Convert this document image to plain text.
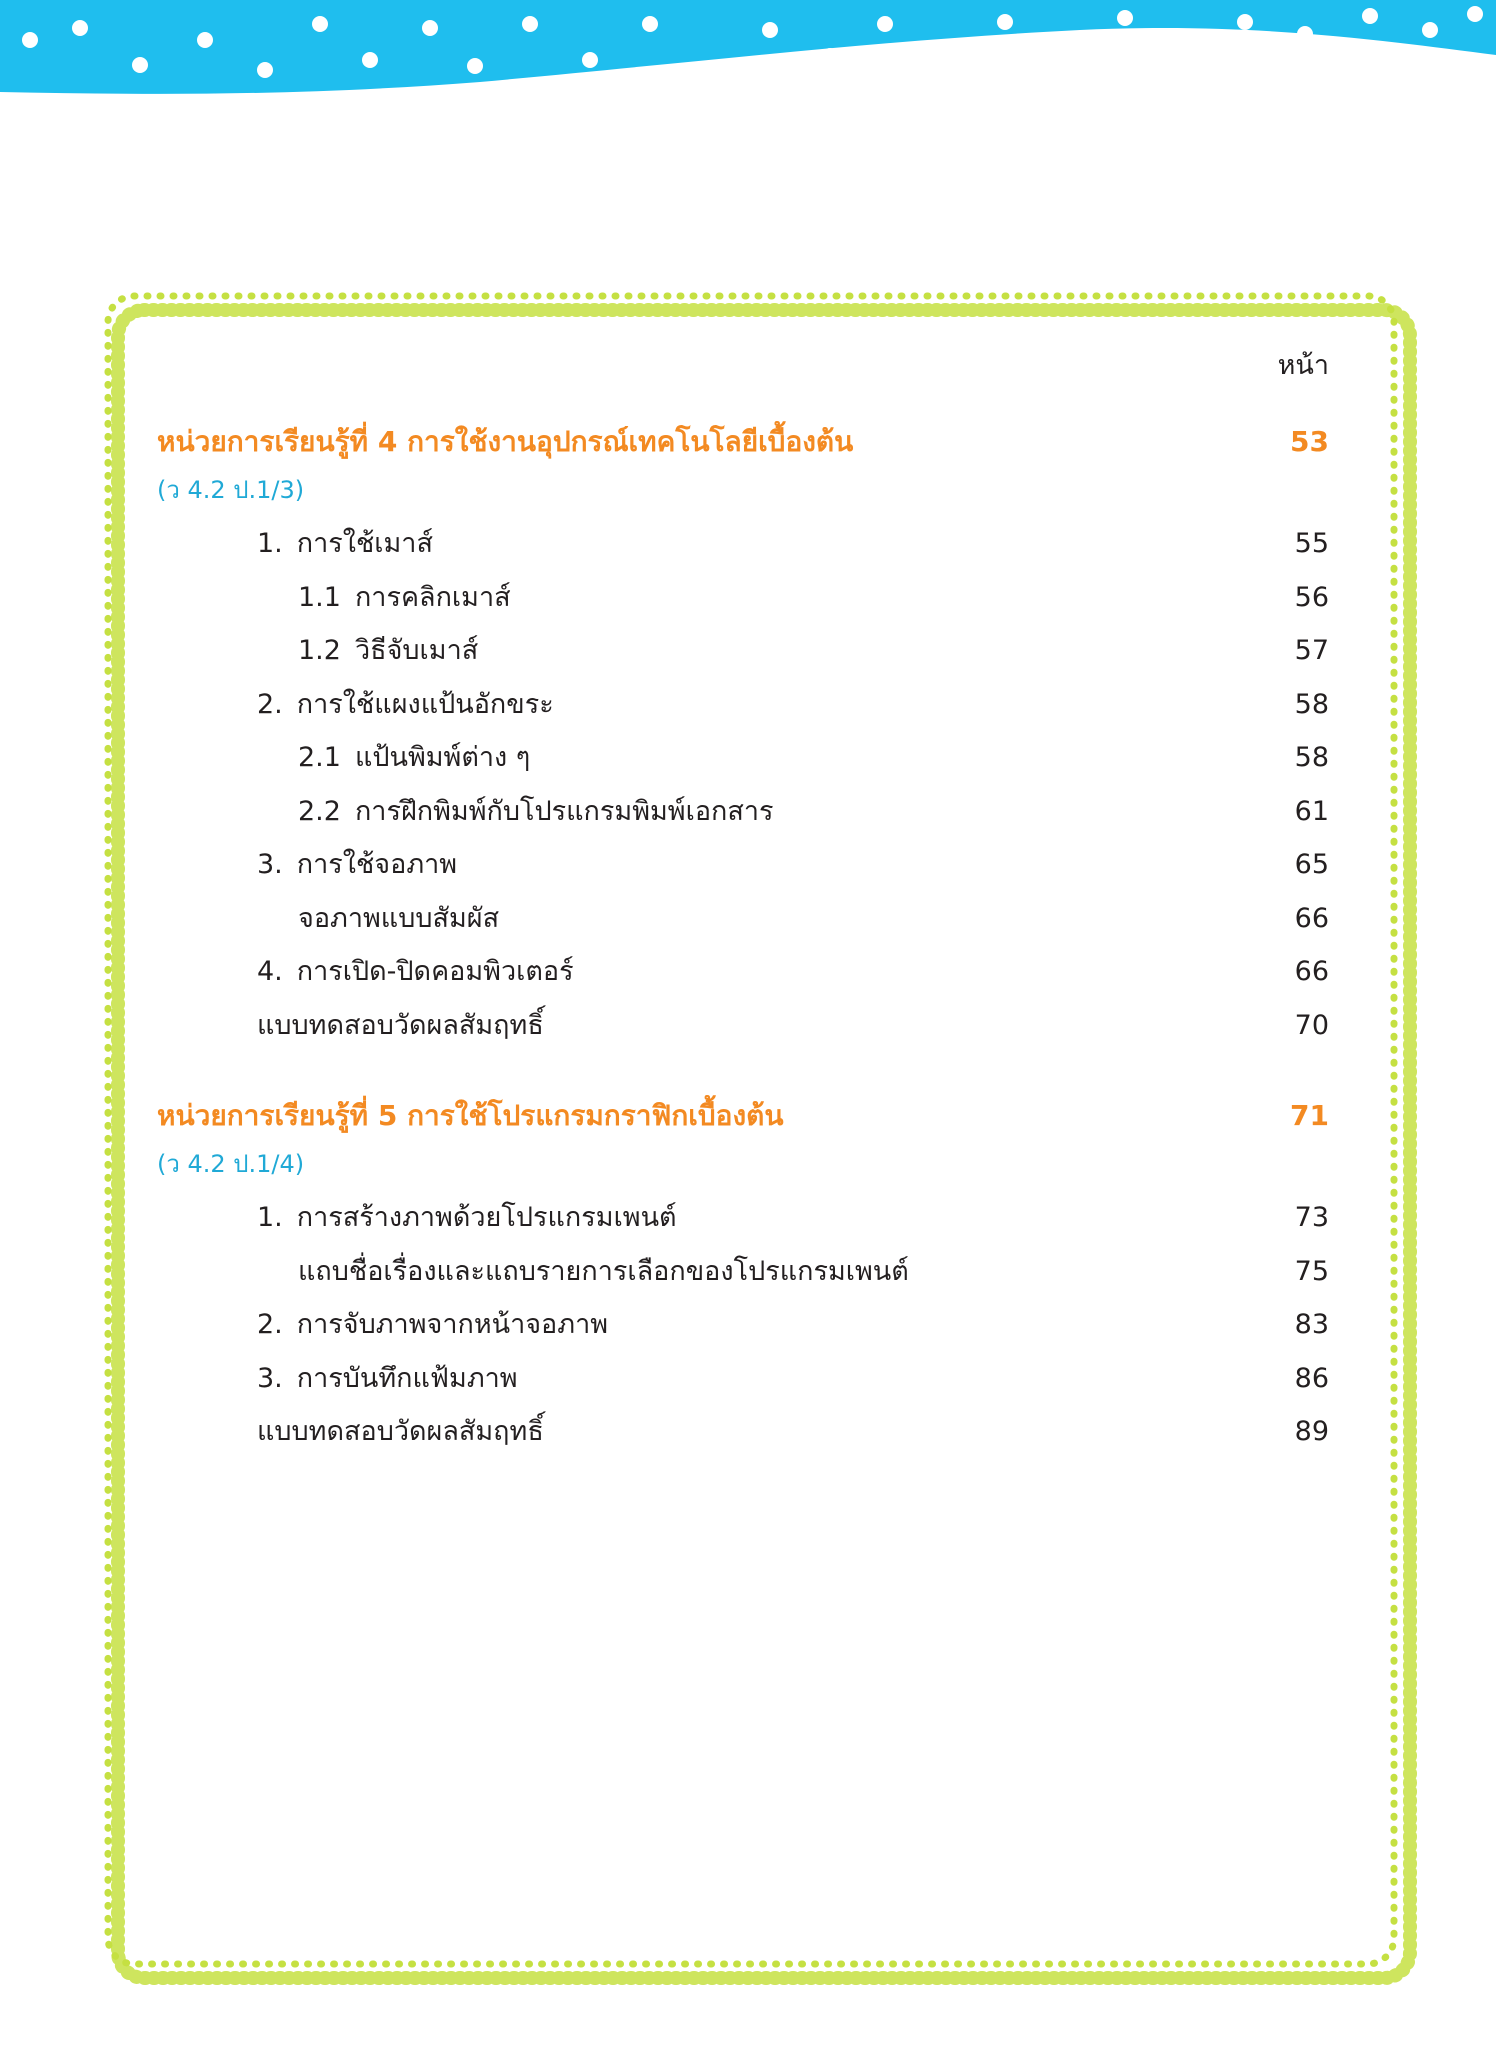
หน้า
หน่วยการเรียนรู้ที่ 4 การใช้งานอุปกรณ์เทคโนโลยีเบื้องต้น	53
(ว 4.2 ป.1/3)
1. การใช้เมาส์	55
1.1 การคลิกเมาส์	56
1.2 วิธีจับเมาส์	57
2. การใช้แผงแป้นอักขระ	58
2.1 แป้นพิมพ์ต่าง ๆ	58
2.2 การฝึกพิมพ์กับโปรแกรมพิมพ์เอกสาร	61
3. การใช้จอภาพ	65
จอภาพแบบสัมผัส	66
4. การเปิด-ปิดคอมพิวเตอร์	66
แบบทดสอบวัดผลสัมฤทธิ์	70
หน่วยการเรียนรู้ที่ 5 การใช้โปรแกรมกราฟิกเบื้องต้น	71
(ว 4.2 ป.1/4)
1. การสร้างภาพด้วยโปรแกรมเพนต์	73
แถบชื่อเรื่องและแถบรายการเลือกของโปรแกรมเพนต์	75
2. การจับภาพจากหน้าจอภาพ	83
3. การบันทึกแฟ้มภาพ	86
แบบทดสอบวัดผลสัมฤทธิ์	89
